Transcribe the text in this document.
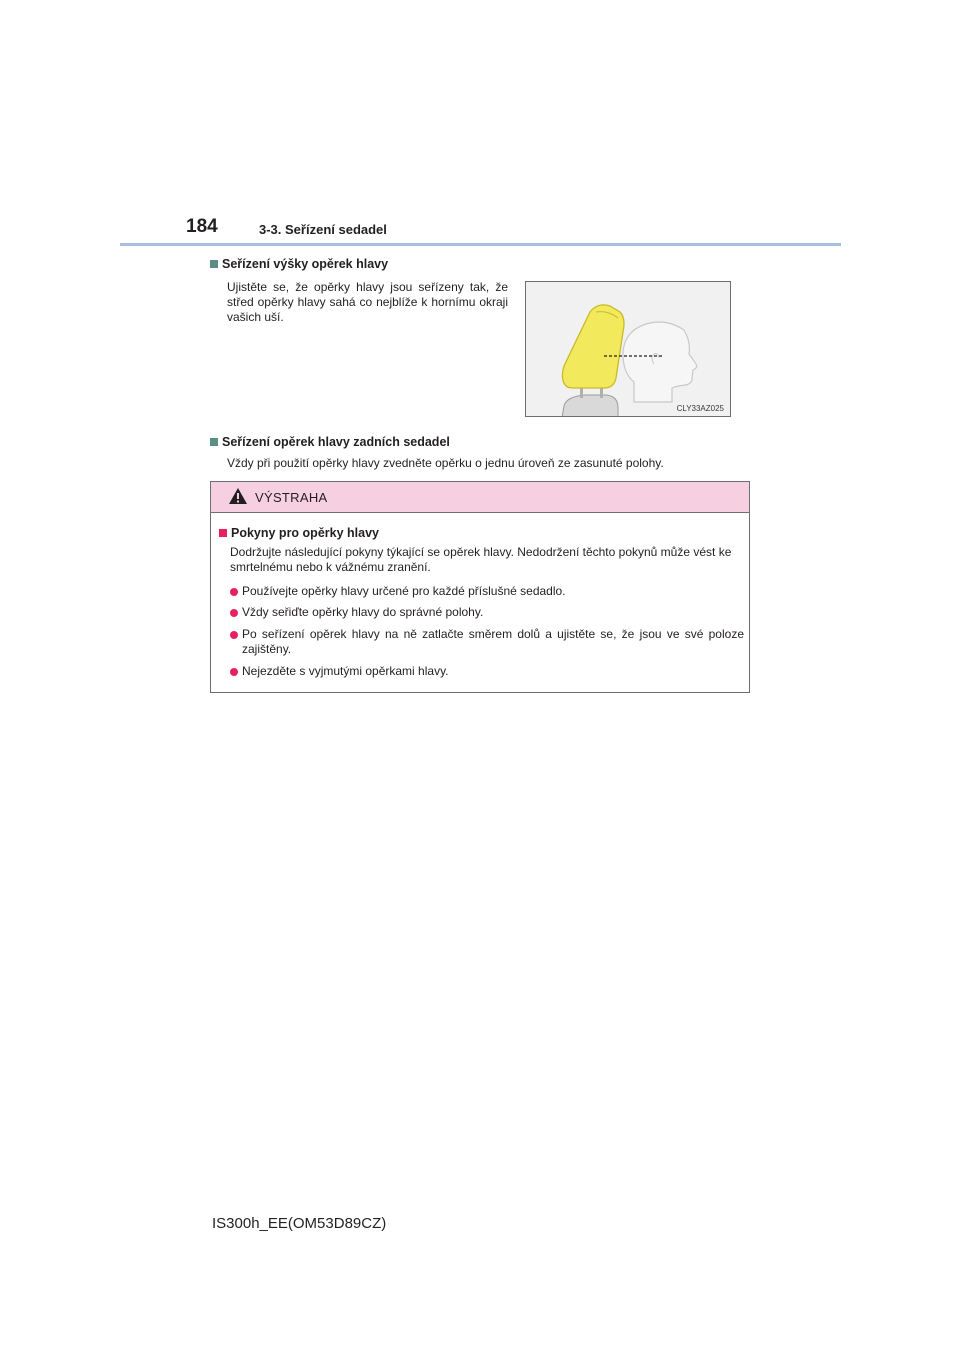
184	3-3. Seřízení sedadel
Seřízení výšky opěrek hlavy
Ujistěte se, že opěrky hlavy jsou seřízeny tak, že střed opěrky hlavy sahá co nejblíže k hornímu okraji vašich uší.
CLY33AZ025
Seřízení opěrek hlavy zadních sedadel
Vždy při použití opěrky hlavy zvedněte opěrku o jednu úroveň ze zasunuté polohy.
VÝSTRAHA
Pokyny pro opěrky hlavy
Dodržujte následující pokyny týkající se opěrek hlavy. Nedodržení těchto pokynů může vést ke smrtelnému nebo k vážnému zranění.
Používejte opěrky hlavy určené pro každé příslušné sedadlo.
Vždy seřiďte opěrky hlavy do správné polohy.
Po seřízení opěrek hlavy na ně zatlačte směrem dolů a ujistěte se, že jsou ve své poloze zajištěny.
Nejezděte s vyjmutými opěrkami hlavy.
IS300h_EE(OM53D89CZ)
